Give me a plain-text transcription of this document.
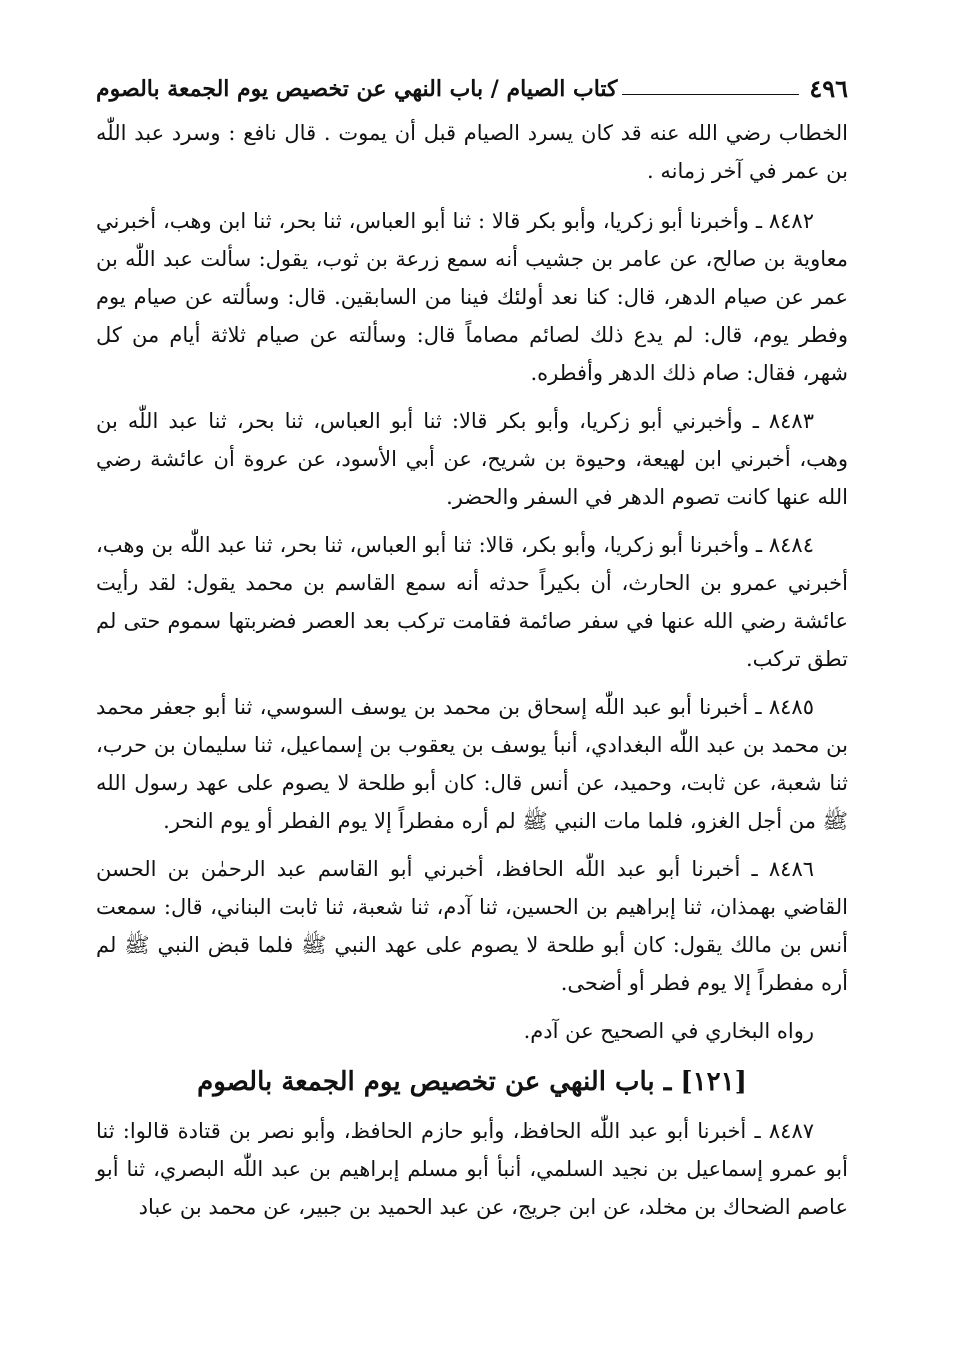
٤٩٦
كتاب الصيام / باب النهي عن تخصيص يوم الجمعة بالصوم

الخطاب رضي الله عنه قد كان يسرد الصيام قبل أن يموت . قال نافع : وسرد عبد اللّٰه بن عمر في آخر زمانه .

٨٤٨٢ ـ وأخبرنا أبو زكريا، وأبو بكر قالا : ثنا أبو العباس، ثنا بحر، ثنا ابن وهب، أخبرني معاوية بن صالح، عن عامر بن جشيب أنه سمع زرعة بن ثوب، يقول: سألت عبد اللّٰه بن عمر عن صيام الدهر، قال: كنا نعد أولئك فينا من السابقين. قال: وسألته عن صيام يوم وفطر يوم، قال: لم يدع ذلك لصائم مصاماً قال: وسألته عن صيام ثلاثة أيام من كل شهر، فقال: صام ذلك الدهر وأفطره.

٨٤٨٣ ـ وأخبرني أبو زكريا، وأبو بكر قالا: ثنا أبو العباس، ثنا بحر، ثنا عبد اللّٰه بن وهب، أخبرني ابن لهيعة، وحيوة بن شريح، عن أبي الأسود، عن عروة أن عائشة رضي الله عنها كانت تصوم الدهر في السفر والحضر.

٨٤٨٤ ـ وأخبرنا أبو زكريا، وأبو بكر، قالا: ثنا أبو العباس، ثنا بحر، ثنا عبد اللّٰه بن وهب، أخبرني عمرو بن الحارث، أن بكيراً حدثه أنه سمع القاسم بن محمد يقول: لقد رأيت عائشة رضي الله عنها في سفر صائمة فقامت تركب بعد العصر فضربتها سموم حتى لم تطق تركب.

٨٤٨٥ ـ أخبرنا أبو عبد اللّٰه إسحاق بن محمد بن يوسف السوسي، ثنا أبو جعفر محمد بن محمد بن عبد اللّٰه البغدادي، أنبأ يوسف بن يعقوب بن إسماعيل، ثنا سليمان بن حرب، ثنا شعبة، عن ثابت، وحميد، عن أنس قال: كان أبو طلحة لا يصوم على عهد رسول الله ﷺ من أجل الغزو، فلما مات النبي ﷺ لم أره مفطراً إلا يوم الفطر أو يوم النحر.

٨٤٨٦ ـ أخبرنا أبو عبد اللّٰه الحافظ، أخبرني أبو القاسم عبد الرحمٰن بن الحسن القاضي بهمذان، ثنا إبراهيم بن الحسين، ثنا آدم، ثنا شعبة، ثنا ثابت البناني، قال: سمعت أنس بن مالك يقول: كان أبو طلحة لا يصوم على عهد النبي ﷺ فلما قبض النبي ﷺ لم أره مفطراً إلا يوم فطر أو أضحى.

رواه البخاري في الصحيح عن آدم.

[١٢١] ـ باب النهي عن تخصيص يوم الجمعة بالصوم

٨٤٨٧ ـ أخبرنا أبو عبد اللّٰه الحافظ، وأبو حازم الحافظ، وأبو نصر بن قتادة قالوا: ثنا أبو عمرو إسماعيل بن نجيد السلمي، أنبأ أبو مسلم إبراهيم بن عبد اللّٰه البصري، ثنا أبو عاصم الضحاك بن مخلد، عن ابن جريج، عن عبد الحميد بن جبير، عن محمد بن عباد
